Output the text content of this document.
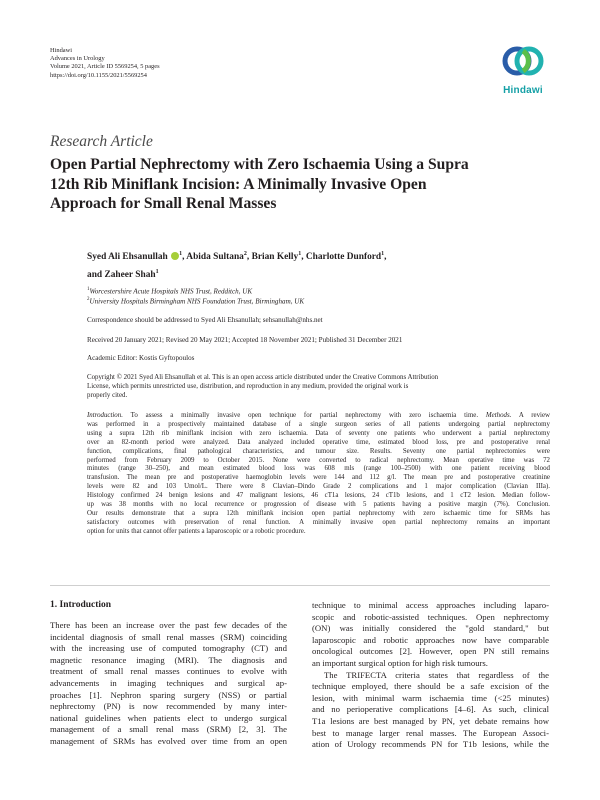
Hindawi
Advances in Urology
Volume 2021, Article ID 5569254, 5 pages
https://doi.org/10.1155/2021/5569254
Hindawi
Research Article
Open Partial Nephrectomy with Zero Ischaemia Using a Supra
12th Rib Miniflank Incision: A Minimally Invasive Open
Approach for Small Renal Masses
Syed Ali Ehsanullah $^1$, Abida Sultana$^2$, Brian Kelly$^1$, Charlotte Dunford$^1$,
and Zaheer Shah$^1$
$^1$Worcestershire Acute Hospitals NHS Trust, Redditch, UK
$^2$University Hospitals Birmingham NHS Foundation Trust, Birmingham, UK
Correspondence should be addressed to Syed Ali Ehsanullah; sehsanullah@nhs.net
Received 20 January 2021; Revised 20 May 2021; Accepted 18 November 2021; Published 31 December 2021
Academic Editor: Kostis Gyftopoulos
Copyright © 2021 Syed Ali Ehsanullah et al. This is an open access article distributed under the Creative Commons Attribution
License, which permits unrestricted use, distribution, and reproduction in any medium, provided the original work is
properly cited.
Introduction. To assess a minimally invasive open technique for partial nephrectomy with zero ischaemia time. Methods. A review
was performed in a prospectively maintained database of a single surgeon series of all patients undergoing partial nephrectomy
using a supra 12th rib miniflank incision with zero ischaemia. Data of seventy one patients who underwent a partial nephrectomy
over an 82-month period were analyzed. Data analyzed included operative time, estimated blood loss, pre and postoperative renal
function, complications, final pathological characteristics, and tumour size. Results. Seventy one partial nephrectomies were
performed from February 2009 to October 2015. None were converted to radical nephrectomy. Mean operative time was 72
minutes (range 30–250), and mean estimated blood loss was 608 mls (range 100–2500) with one patient receiving blood
transfusion. The mean pre and postoperative haemoglobin levels were 144 and 112 g/l. The mean pre and postoperative creatinine
levels were 82 and 103 Umol/L. There were 8 Clavian–Dindo Grade 2 complications and 1 major complication (Clavian IIIa).
Histology confirmed 24 benign lesions and 47 malignant lesions, 46 cT1a lesions, 24 cT1b lesions, and 1 cT2 lesion. Median follow-
up was 38 months with no local recurrence or progression of disease with 5 patients having a positive margin (7%). Conclusion.
Our results demonstrate that a supra 12th miniflank incision open partial nephrectomy with zero ischaemic time for SRMs has
satisfactory outcomes with preservation of renal function. A minimally invasive open partial nephrectomy remains an important
option for units that cannot offer patients a laparoscopic or a robotic procedure.
1. Introduction
There has been an increase over the past few decades of the
incidental diagnosis of small renal masses (SRM) coinciding
with the increasing use of computed tomography (CT) and
magnetic resonance imaging (MRI). The diagnosis and
treatment of small renal masses continues to evolve with
advancements in imaging techniques and surgical ap-
proaches [1]. Nephron sparing surgery (NSS) or partial
nephrectomy (PN) is now recommended by many inter-
national guidelines when patients elect to undergo surgical
management of a small renal mass (SRM) [2, 3]. The
management of SRMs has evolved over time from an open
technique to minimal access approaches including laparo-
scopic and robotic-assisted techniques. Open nephrectomy
(ON) was initially considered the "gold standard," but
laparoscopic and robotic approaches now have comparable
oncological outcomes [2]. However, open PN still remains
an important surgical option for high risk tumours.
The TRIFECTA criteria states that regardless of the
technique employed, there should be a safe excision of the
lesion, with minimal warm ischaemia time (<25 minutes)
and no perioperative complications [4–6]. As such, clinical
T1a lesions are best managed by PN, yet debate remains how
best to manage larger renal masses. The European Associ-
ation of Urology recommends PN for T1b lesions, while the
